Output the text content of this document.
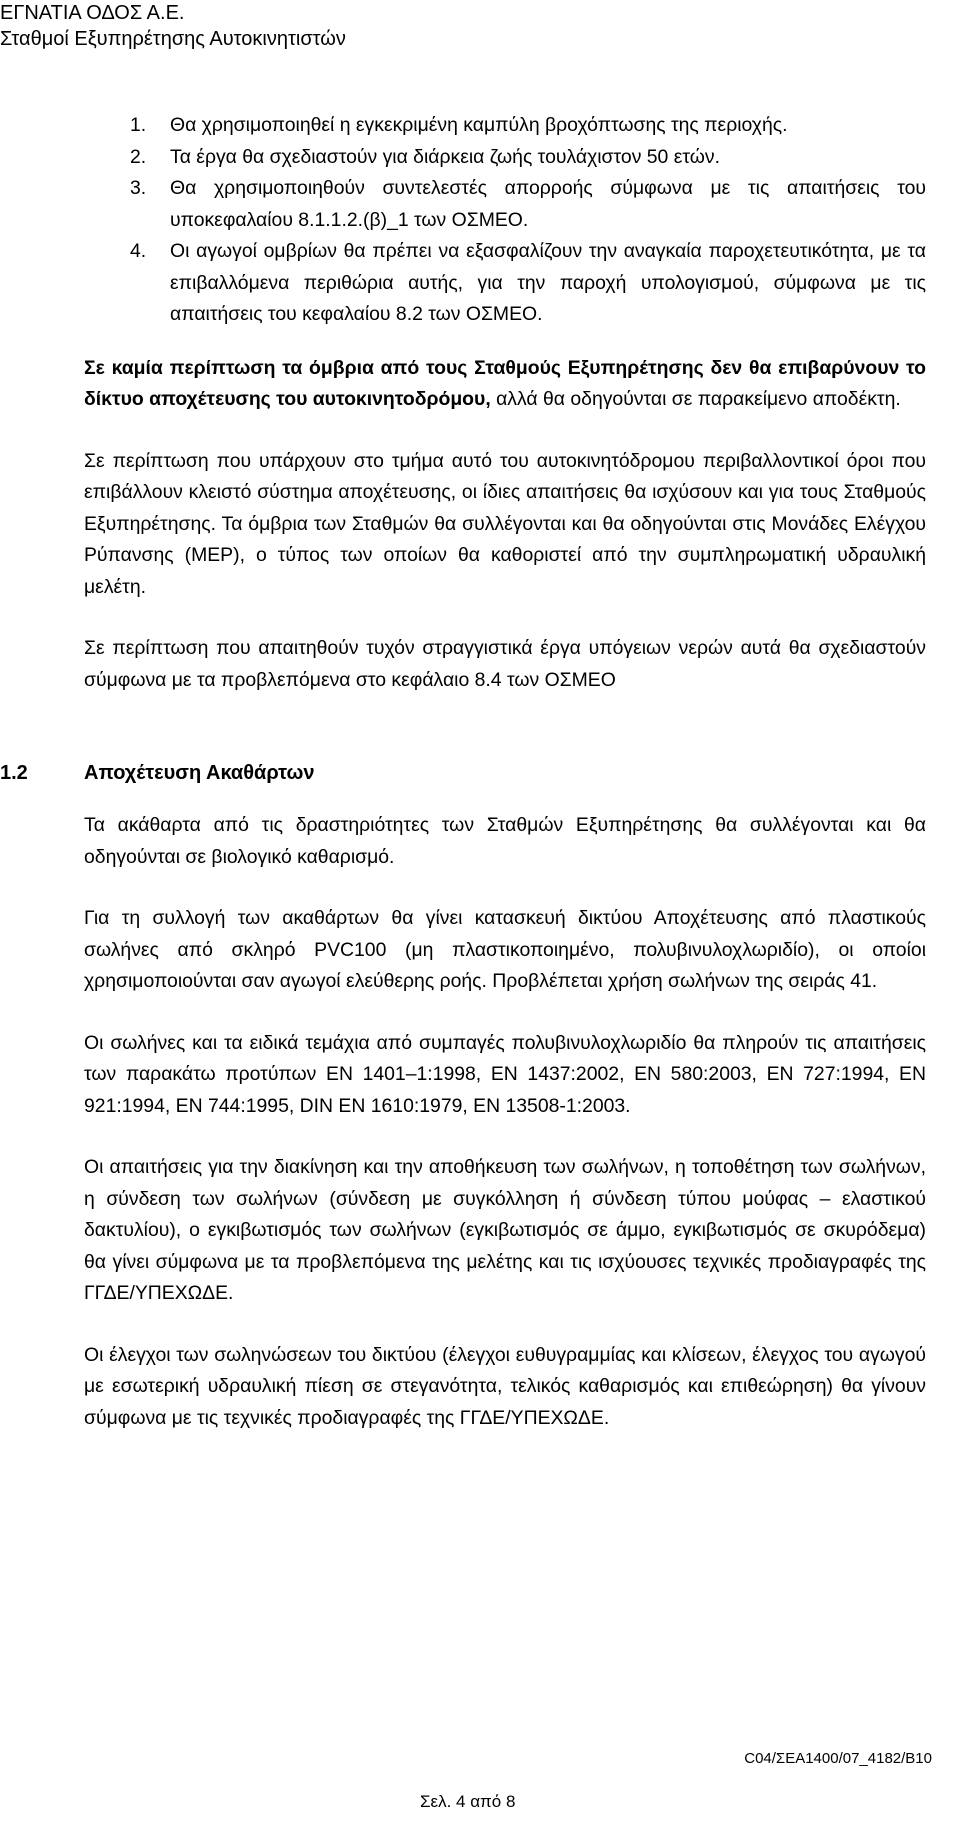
ΕΓΝΑΤΙΑ ΟΔΟΣ Α.Ε.
Σταθμοί Εξυπηρέτησης Αυτοκινητιστών
1. Θα χρησιμοποιηθεί η εγκεκριμένη καμπύλη βροχόπτωσης της περιοχής.
2. Τα έργα θα σχεδιαστούν για διάρκεια ζωής τουλάχιστον 50 ετών.
3. Θα χρησιμοποιηθούν συντελεστές απορροής σύμφωνα με τις απαιτήσεις του υποκεφαλαίου 8.1.1.2.(β)_1 των ΟΣΜΕΟ.
4. Οι αγωγοί ομβρίων θα πρέπει να εξασφαλίζουν την αναγκαία παροχετευτικότητα, με τα επιβαλλόμενα περιθώρια αυτής, για την παροχή υπολογισμού, σύμφωνα με τις απαιτήσεις του κεφαλαίου 8.2 των ΟΣΜΕΟ.

Σε καμία περίπτωση τα όμβρια από τους Σταθμούς Εξυπηρέτησης δεν θα επιβαρύνουν το δίκτυο αποχέτευσης του αυτοκινητοδρόμου, αλλά θα οδηγούνται σε παρακείμενο αποδέκτη.

Σε περίπτωση που υπάρχουν στο τμήμα αυτό του αυτοκινητόδρομου περιβαλλοντικοί όροι που επιβάλλουν κλειστό σύστημα αποχέτευσης, οι ίδιες απαιτήσεις θα ισχύσουν και για τους Σταθμούς Εξυπηρέτησης. Τα όμβρια των Σταθμών θα συλλέγονται και θα οδηγούνται στις Μονάδες Ελέγχου Ρύπανσης (ΜΕΡ), ο τύπος των οποίων θα καθοριστεί από την συμπληρωματική υδραυλική μελέτη.

Σε περίπτωση που απαιτηθούν τυχόν στραγγιστικά έργα υπόγειων νερών αυτά θα σχεδιαστούν σύμφωνα με τα προβλεπόμενα στο κεφάλαιο 8.4 των ΟΣΜΕΟ

1.2	Αποχέτευση Ακαθάρτων

Τα ακάθαρτα από τις δραστηριότητες των Σταθμών Εξυπηρέτησης θα συλλέγονται και θα οδηγούνται σε βιολογικό καθαρισμό.

Για τη συλλογή των ακαθάρτων θα γίνει κατασκευή δικτύου Αποχέτευσης από πλαστικούς σωλήνες από σκληρό PVC100 (μη πλαστικοποιημένο, πολυβινυλοχλωριδίο), οι οποίοι χρησιμοποιούνται σαν αγωγοί ελεύθερης ροής. Προβλέπεται χρήση σωλήνων της σειράς 41.

Οι σωλήνες και τα ειδικά τεμάχια από συμπαγές πολυβινυλοχλωριδίο θα πληρούν τις απαιτήσεις των παρακάτω προτύπων ΕΝ 1401–1:1998, ΕΝ 1437:2002, ΕΝ 580:2003, ΕΝ 727:1994, ΕΝ 921:1994, ΕΝ 744:1995, DIN EN 1610:1979, ΕΝ 13508-1:2003.

Οι απαιτήσεις για την διακίνηση και την αποθήκευση των σωλήνων, η τοποθέτηση των σωλήνων, η σύνδεση των σωλήνων (σύνδεση με συγκόλληση ή σύνδεση τύπου μούφας – ελαστικού δακτυλίου), ο εγκιβωτισμός των σωλήνων (εγκιβωτισμός σε άμμο, εγκιβωτισμός σε σκυρόδεμα) θα γίνει σύμφωνα με τα προβλεπόμενα της μελέτης και τις ισχύουσες τεχνικές προδιαγραφές της ΓΓΔΕ/ΥΠΕΧΩΔΕ.

Οι έλεγχοι των σωληνώσεων του δικτύου (έλεγχοι ευθυγραμμίας και κλίσεων, έλεγχος του αγωγού με εσωτερική υδραυλική πίεση σε στεγανότητα, τελικός καθαρισμός και επιθεώρηση) θα γίνουν σύμφωνα με τις τεχνικές προδιαγραφές της ΓΓΔΕ/ΥΠΕΧΩΔΕ.

C04/ΣΕΑ1400/07_4182/B10
Σελ. 4 από 8
